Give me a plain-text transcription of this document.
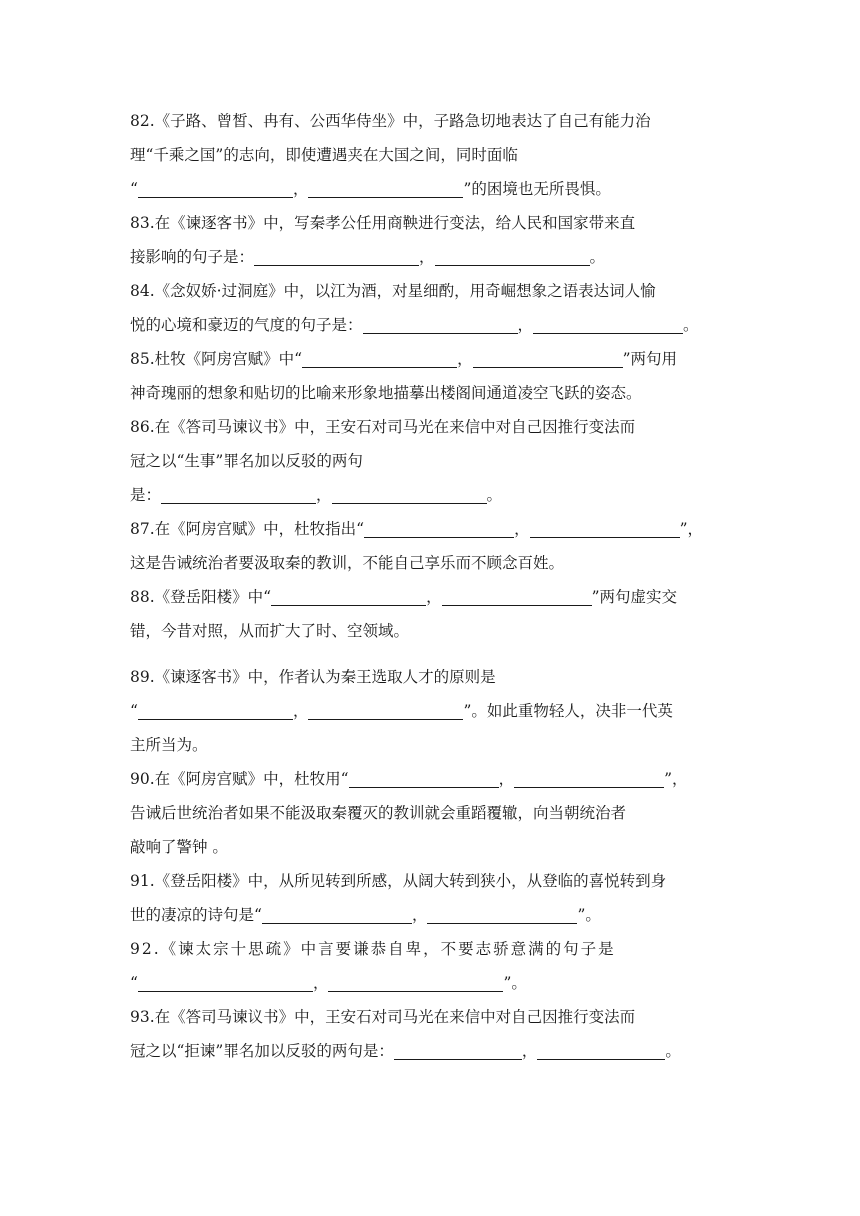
82.《子路、曾皙、冉有、公西华侍坐》中，子路急切地表达了自己有能力治
理“千乘之国”的志向，即使遭遇夹在大国之间，同时面临
“	，	”的困境也无所畏惧。
83.在《谏逐客书》中，写秦孝公任用商鞅进行变法，给人民和国家带来直
接影响的句子是：	，	。
84.《念奴娇·过洞庭》中，以江为酒，对星细酌，用奇崛想象之语表达词人愉
悦的心境和豪迈的气度的句子是：	，	。
85.杜牧《阿房宫赋》中“	，	”两句用
神奇瑰丽的想象和贴切的比喻来形象地描摹出楼阁间通道凌空飞跃的姿态。
86.在《答司马谏议书》中，王安石对司马光在来信中对自己因推行变法而
冠之以“生事”罪名加以反驳的两句
是：	，	。
87.在《阿房宫赋》中，杜牧指出“	，	”，
这是告诫统治者要汲取秦的教训，不能自己享乐而不顾念百姓。
88.《登岳阳楼》中“	，	”两句虚实交
错，今昔对照，从而扩大了时、空领域。
89.《谏逐客书》中，作者认为秦王选取人才的原则是
“	，	”。如此重物轻人，决非一代英
主所当为。
90.在《阿房宫赋》中，杜牧用“	，	”，
告诫后世统治者如果不能汲取秦覆灭的教训就会重蹈覆辙，向当朝统治者
敲响了警钟 。
91.《登岳阳楼》中，从所见转到所感，从阔大转到狭小，从登临的喜悦转到身
世的凄凉的诗句是“	，	”。
92.《谏太宗十思疏》中言要谦恭自卑，不要志骄意满的句子是
“	，	”。
93.在《答司马谏议书》中，王安石对司马光在来信中对自己因推行变法而
冠之以“拒谏”罪名加以反驳的两句是：	，	。
